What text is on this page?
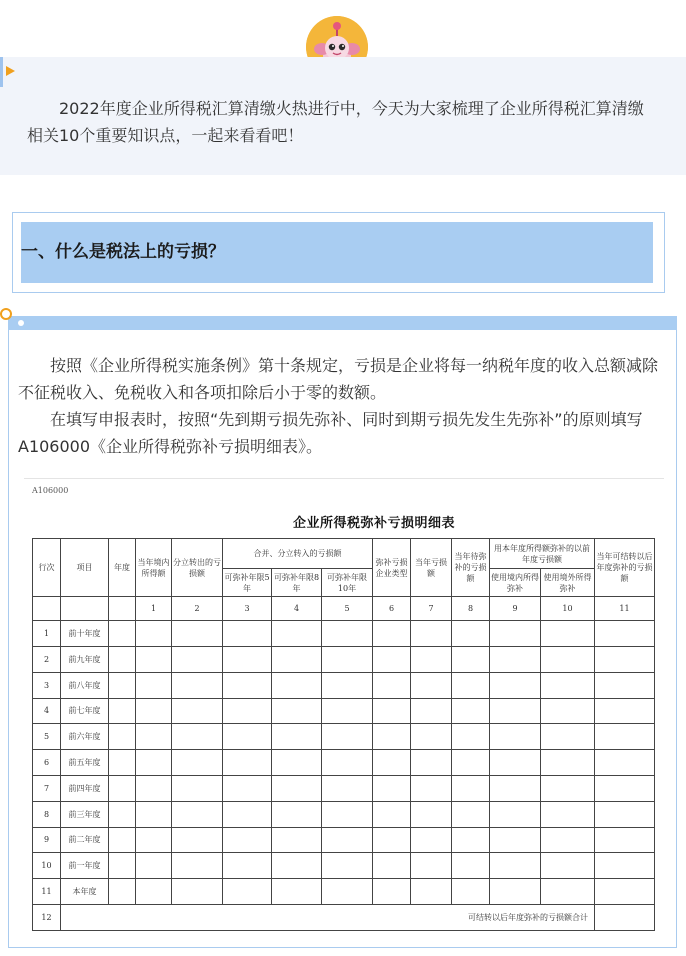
2022年度企业所得税汇算清缴火热进行中，今天为大家梳理了企业所得税汇算清缴相关10个重要知识点，一起来看看吧！

一、什么是税法上的亏损？

按照《企业所得税实施条例》第十条规定，亏损是企业将每一纳税年度的收入总额减除不征税收入、免税收入和各项扣除后小于零的数额。

在填写申报表时，按照“先到期亏损先弥补、同时到期亏损先发生先弥补”的原则填写A106000《企业所得税弥补亏损明细表》。

A106000
企业所得税弥补亏损明细表
行次	项目	年度	当年境内所得额	分立转出的亏损额	合并、分立转入的亏损额			弥补亏损企业类型	当年亏损额	当年待弥补的亏损额	用本年度所得额弥补的以前年度亏损额		当年可结转以后年度弥补的亏损额
					可弥补年限5年	可弥补年限8年	可弥补年限10年				使用境内所得弥补	使用境外所得弥补	
			1	2	3	4	5	6	7	8	9	10	11
1	前十年度												
2	前九年度												
3	前八年度												
4	前七年度												
5	前六年度												
6	前五年度												
7	前四年度												
8	前三年度												
9	前二年度												
10	前一年度												
11	本年度												
12	可结转以后年度弥补的亏损额合计												
